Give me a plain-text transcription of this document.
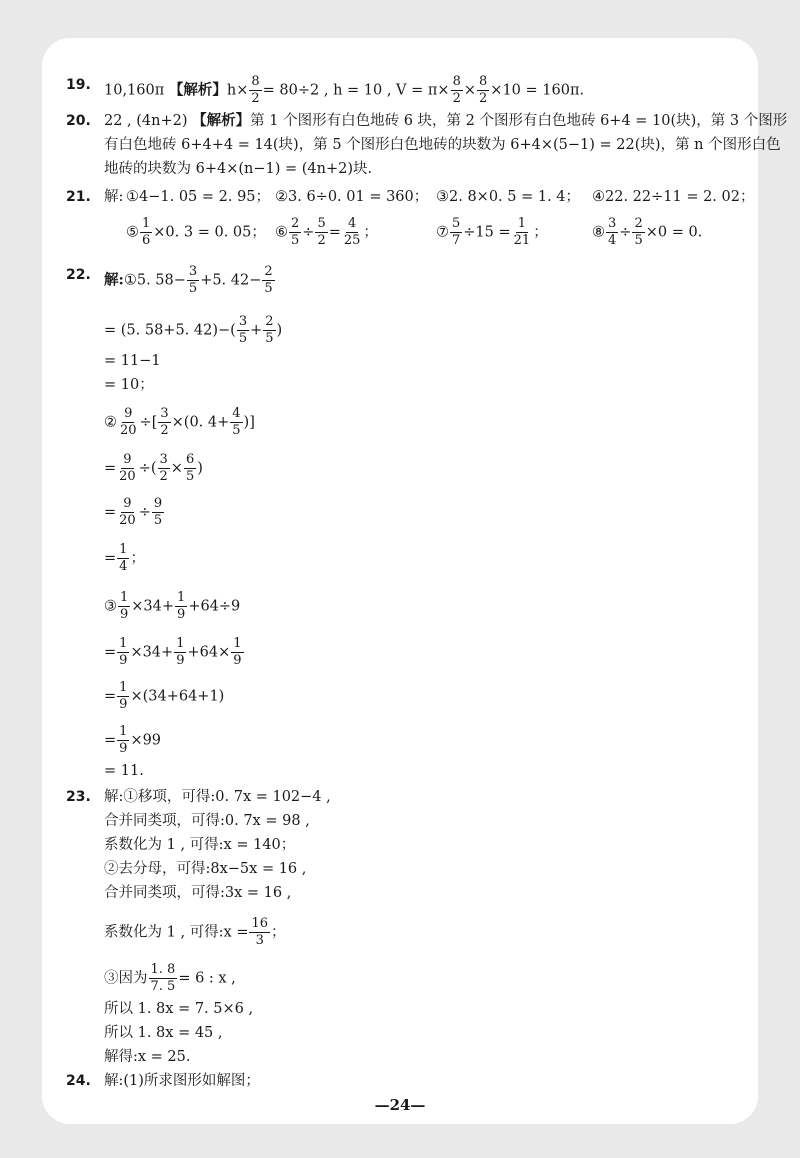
19. 10,160π 【解析】$h\times \frac{8}{2} = 80\div 2$ , h = 10 , $V = \pi\times \frac{8}{2} \times \frac{8}{2} \times 10 = 160\pi$.
20. 22 , (4n+2) 【解析】第 1 个图形有白色地砖 6 块，第 2 个图形有白色地砖 6+4 = 10(块)，第 3 个图形
有白色地砖 6+4+4 = 14(块)，第 5 个图形白色地砖的块数为 6+4×(5−1) = 22(块)，第 n 个图形白色
地砖的块数为 6+4×(n−1) = (4n+2)块.
21. 解: ①4−1. 05 = 2. 95； ②3. 6÷0. 01 = 360； ③2. 8×0. 5 = 1. 4； ④22. 22÷11 = 2. 02；
⑤ $\frac{1}{6} \times 0$. 3 = 0. 05； ⑥ $\frac{2}{5} \div \frac{5}{2} = \frac{4}{25}$ ；	⑦ $\frac{5}{7} \div 15 = \frac{1}{21}$ ；	⑧ $\frac{3}{4} \div \frac{2}{5} \times 0 = 0$.
22. 解:①5. $58- \frac{3}{5} +5$. $42- \frac{2}{5}$
= (5. 58+5. $42)-( \frac{3}{5} + \frac{2}{5}$ )
= 11−1
= 10；
② $\frac{9}{20}$ ÷[ $\frac{3}{2} \times(0$. $4+ \frac{4}{5}$ )]
= $\frac{9}{20}$ ÷( $\frac{3}{2} \times \frac{6}{5}$ )
= $\frac{9}{20} \div \frac{9}{5}$
= $\frac{1}{4}$ ；
③ $\frac{1}{9} \times 34+ \frac{1}{9} +64\div 9$
= $\frac{1}{9} \times 34+ \frac{1}{9} +64\times \frac{1}{9}$
= $\frac{1}{9} \times(34+64+1)$
= $\frac{1}{9} \times 99$
= 11.
23. 解:①移项，可得:0. 7x = 102−4 ,
合并同类项，可得:0. 7x = 98 ,
系数化为 1 , 可得:x = 140；
②去分母，可得:8x−5x = 16 ,
合并同类项，可得:3x = 16 ,
系数化为 1 , 可得:x = $\frac{16}{3}$ ；
③因为 $\frac{1. 8}{7. 5} = 6$ : x ,
所以 1. 8x = 7. 5×6 ,
所以 1. 8x = 45 ,
解得:x = 25.
24. 解:(1)所求图形如解图；
—24—
